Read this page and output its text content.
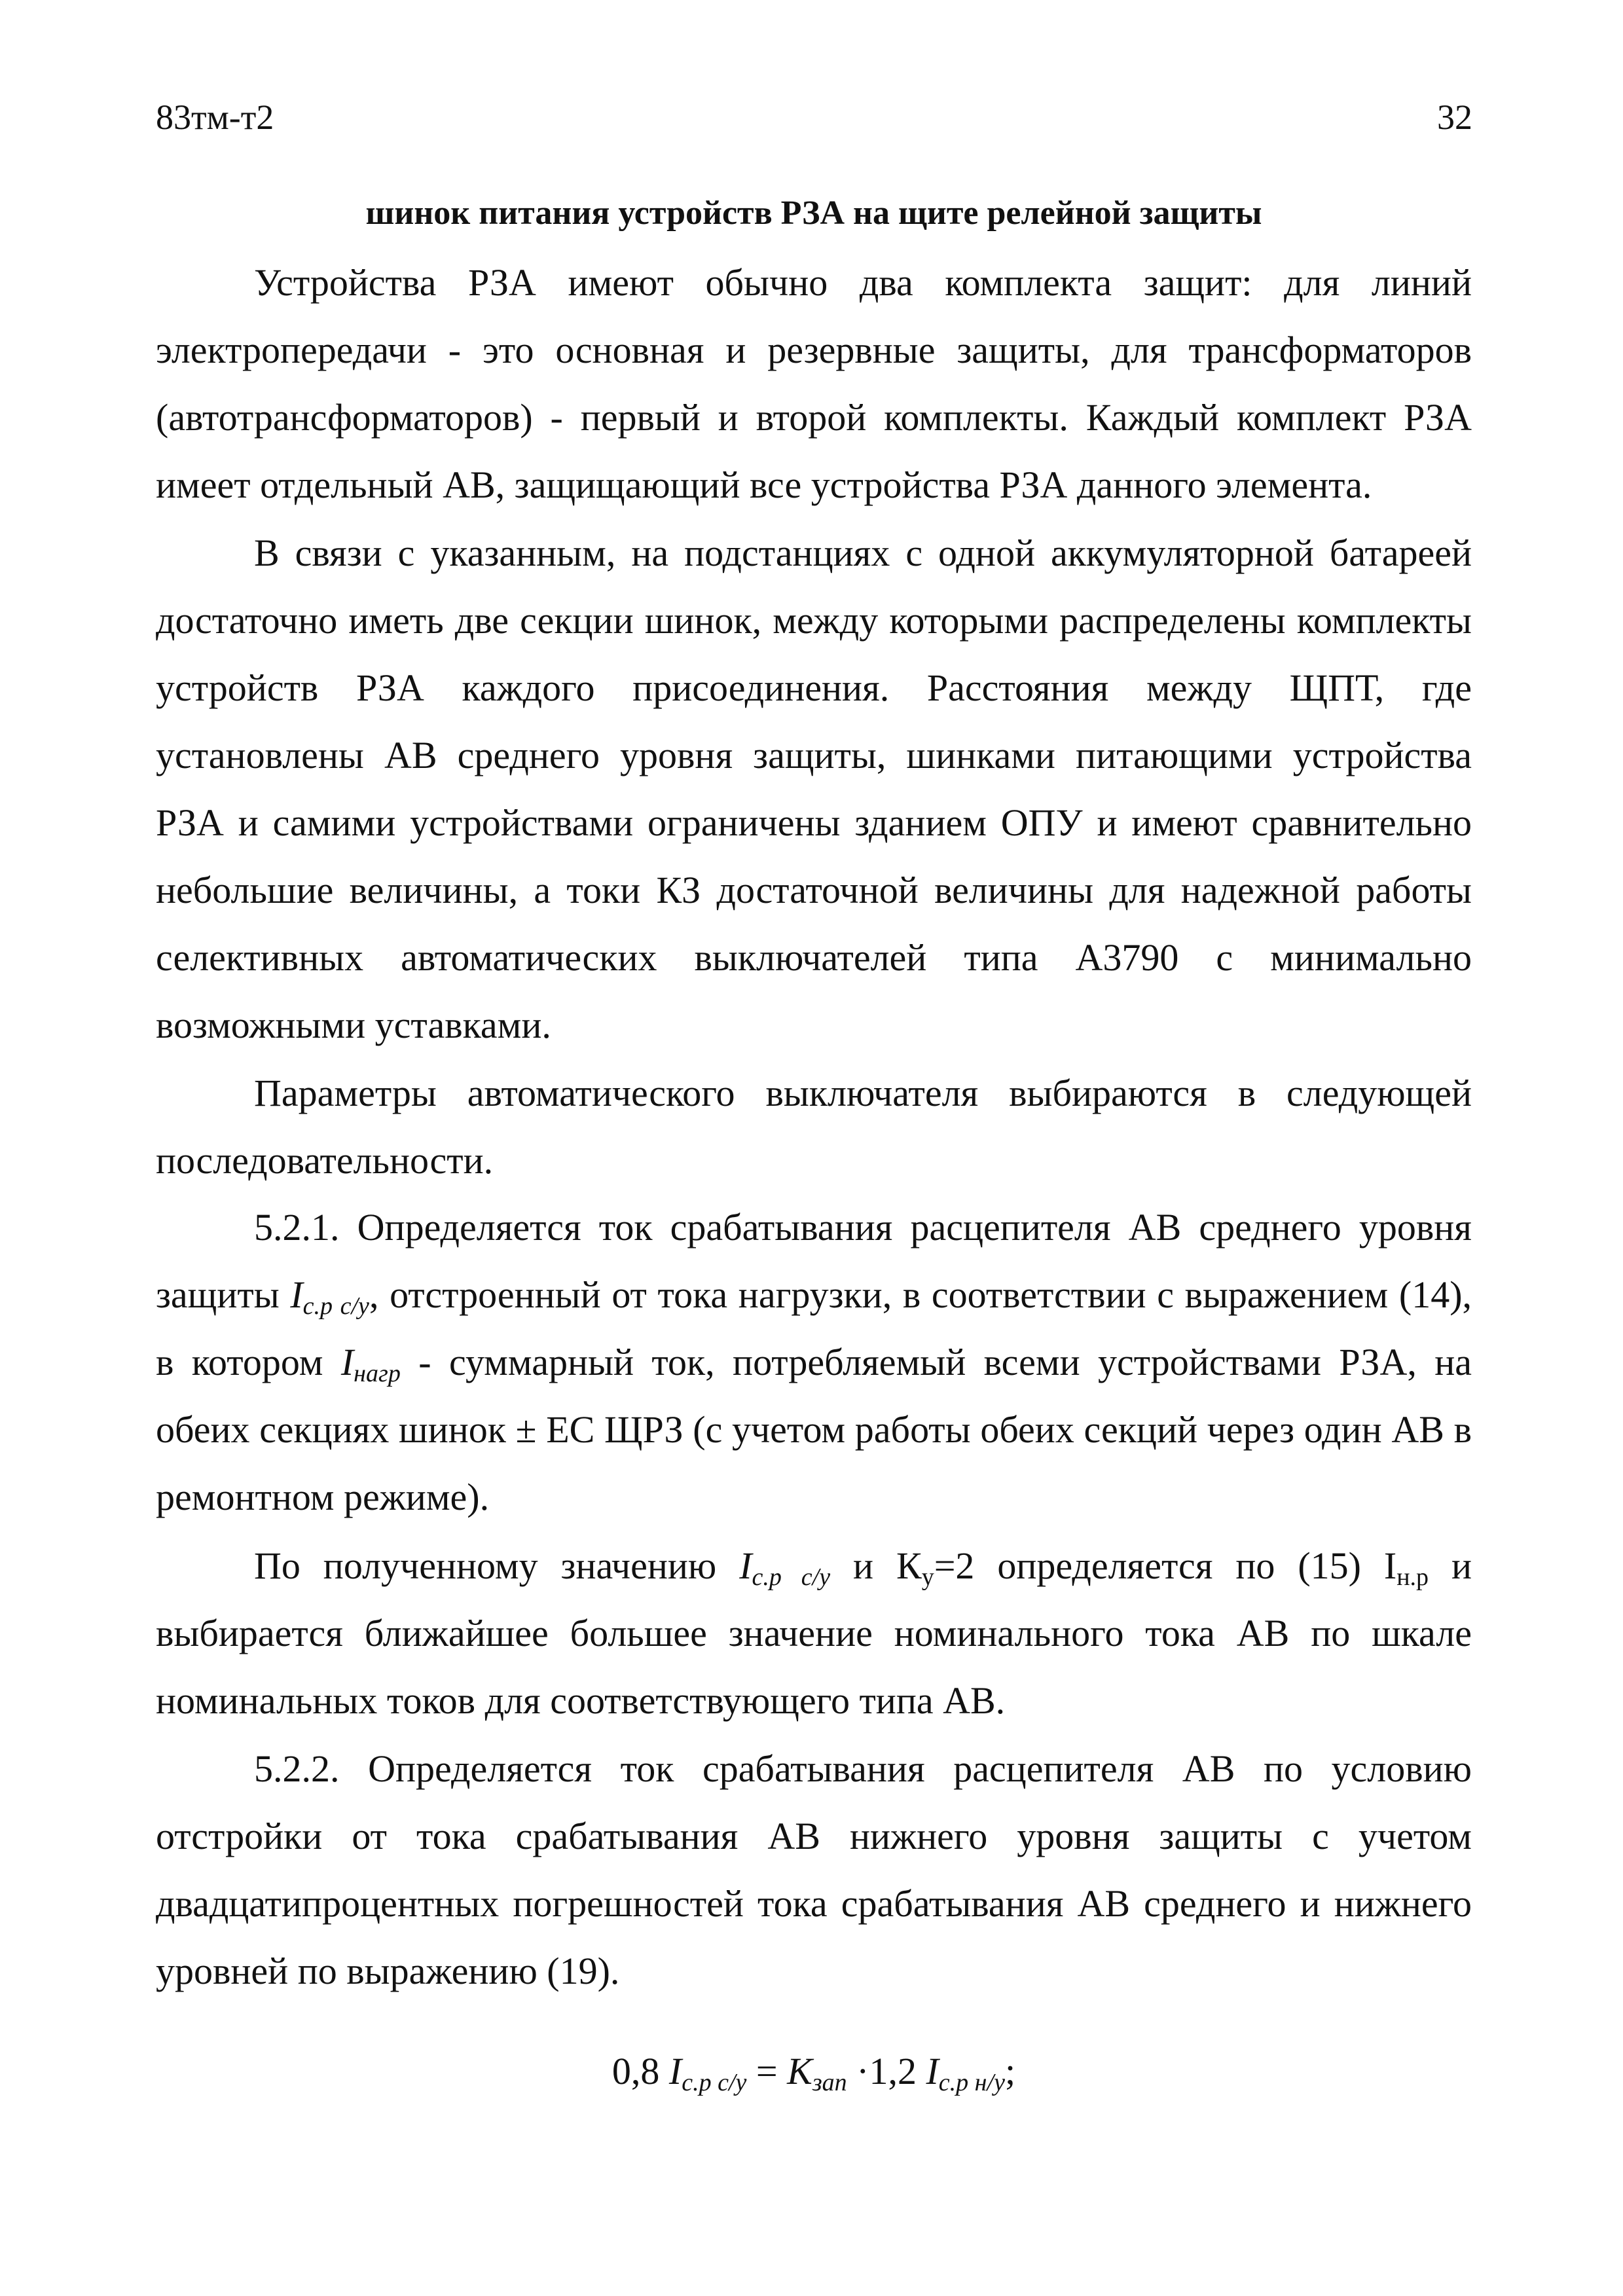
83тм-т2	32
шинок питания устройств РЗА на щите релейной защиты

Устройства РЗА имеют обычно два комплекта защит: для линий электропередачи - это основная и резервные защиты, для трансформаторов (автотрансформаторов) - первый и второй комплекты. Каждый комплект РЗА имеет отдельный АВ, защищающий все устройства РЗА данного элемента.

В связи с указанным, на подстанциях с одной аккумуляторной батареей достаточно иметь две секции шинок, между которыми распределены комплекты устройств РЗА каждого присоединения. Расстояния между ЩПТ, где установлены АВ среднего уровня защиты, шинками питающими устройства РЗА и самими устройствами ограничены зданием ОПУ и имеют сравнительно небольшие величины, а токи КЗ достаточной величины для надежной работы селективных автоматических выключателей типа А3790 с минимально возможными уставками.

Параметры автоматического выключателя выбираются в следующей последовательности.

5.2.1. Определяется ток срабатывания расцепителя АВ среднего уровня защиты $I_{с.р с/у}$, отстроенный от тока нагрузки, в соответствии с выражением (14), в котором $I_{нагр}$ - суммарный ток, потребляемый всеми устройствами РЗА, на обеих секциях шинок ± ЕС ЩРЗ (с учетом работы обеих секций через один АВ в ремонтном режиме).

По полученному значению $I_{с.р с/у}$ и $К_у=2$ определяется по (15) $I_{н.р}$ и выбирается ближайшее большее значение номинального тока АВ по шкале номинальных токов для соответствующего типа АВ.

5.2.2. Определяется ток срабатывания расцепителя АВ по условию отстройки от тока срабатывания АВ нижнего уровня защиты с учетом двадцатипроцентных погрешностей тока срабатывания АВ среднего и нижнего уровней по выражению (19).

0,8 $I_{с.р с/у} = K_{зап} \cdot 1,2$ $I_{с.р н/у}$;
